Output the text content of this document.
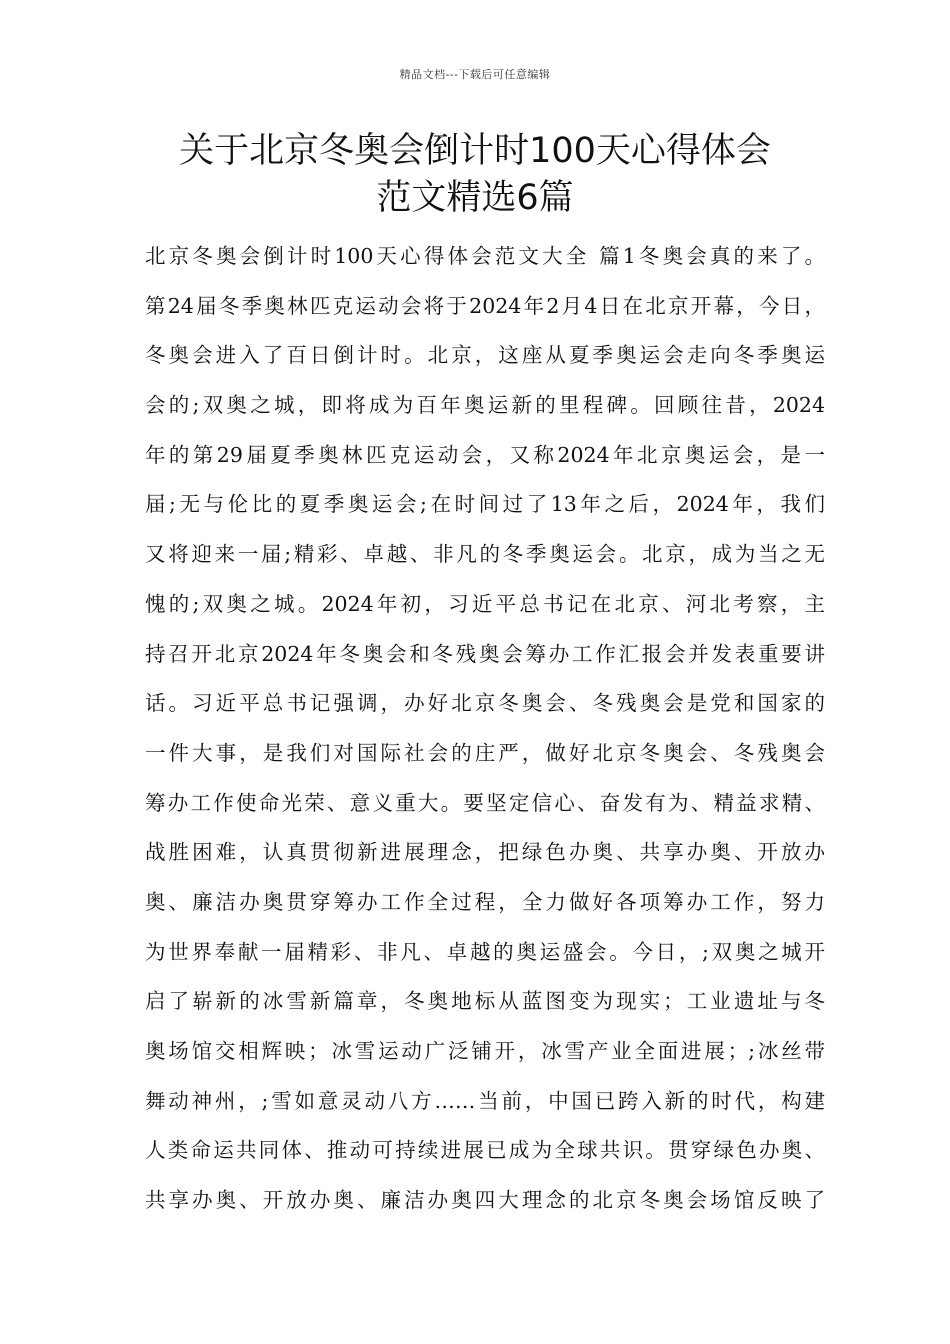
精品文档---下载后可任意编辑
关于北京冬奥会倒计时100天心得体会
范文精选6篇
北京冬奥会倒计时100天心得体会范文大全 篇1冬奥会真的来了。
第24届冬季奥林匹克运动会将于2024年2月4日在北京开幕，今日，
冬奥会进入了百日倒计时。北京，这座从夏季奥运会走向冬季奥运
会的;双奥之城，即将成为百年奥运新的里程碑。回顾往昔，2024
年的第29届夏季奥林匹克运动会，又称2024年北京奥运会，是一
届;无与伦比的夏季奥运会;在时间过了13年之后，2024年，我们
又将迎来一届;精彩、卓越、非凡的冬季奥运会。北京，成为当之无
愧的;双奥之城。2024年初，习近平总书记在北京、河北考察，主
持召开北京2024年冬奥会和冬残奥会筹办工作汇报会并发表重要讲
话。习近平总书记强调，办好北京冬奥会、冬残奥会是党和国家的
一件大事，是我们对国际社会的庄严，做好北京冬奥会、冬残奥会
筹办工作使命光荣、意义重大。要坚定信心、奋发有为、精益求精、
战胜困难，认真贯彻新进展理念，把绿色办奥、共享办奥、开放办
奥、廉洁办奥贯穿筹办工作全过程，全力做好各项筹办工作，努力
为世界奉献一届精彩、非凡、卓越的奥运盛会。今日，;双奥之城开
启了崭新的冰雪新篇章，冬奥地标从蓝图变为现实；工业遗址与冬
奥场馆交相辉映；冰雪运动广泛铺开，冰雪产业全面进展；;冰丝带
舞动神州，;雪如意灵动八方……当前，中国已跨入新的时代，构建
人类命运共同体、推动可持续进展已成为全球共识。贯穿绿色办奥、
共享办奥、开放办奥、廉洁办奥四大理念的北京冬奥会场馆反映了
